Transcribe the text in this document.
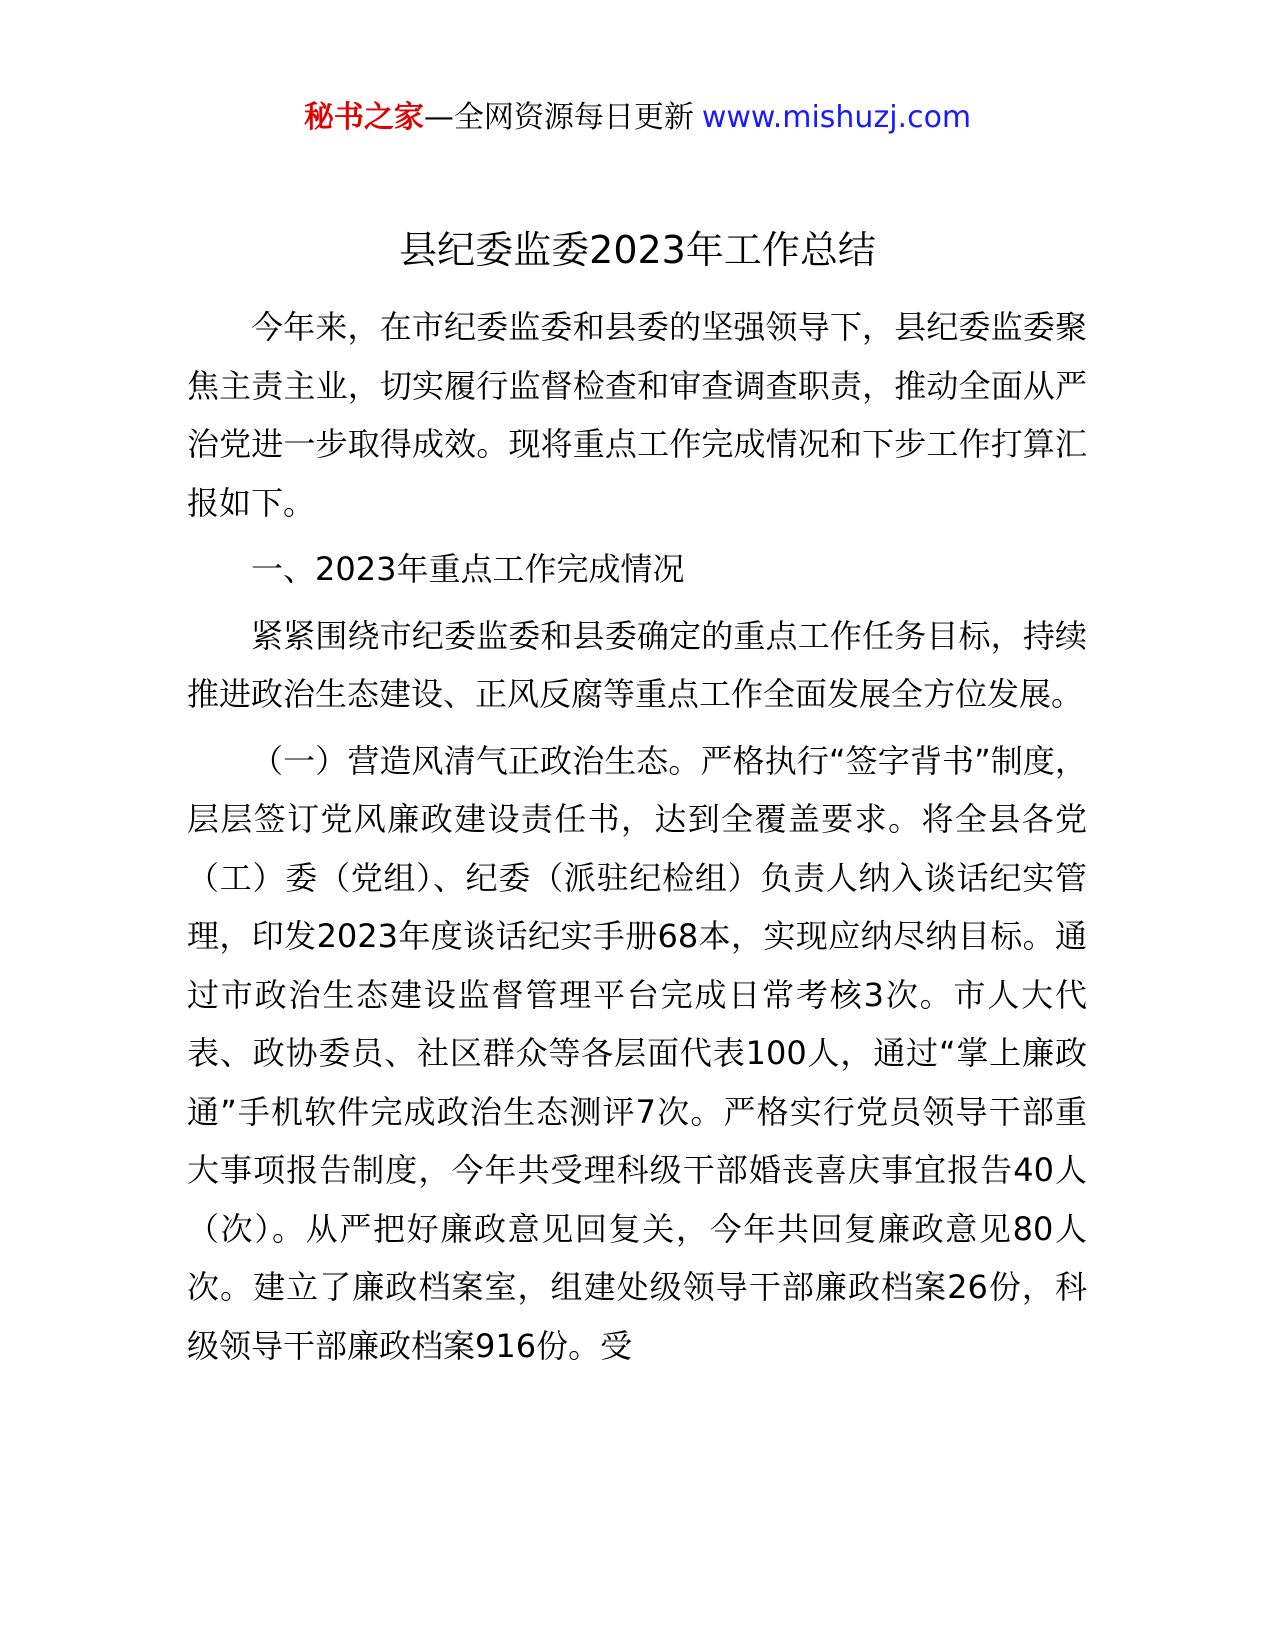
秘书之家—全网资源每日更新 www.mishuzj.com
县纪委监委2023年工作总结

今年来，在市纪委监委和县委的坚强领导下，县纪委监委聚焦主责主业，切实履行监督检查和审查调查职责，推动全面从严治党进一步取得成效。现将重点工作完成情况和下步工作打算汇报如下。

一、2023年重点工作完成情况

紧紧围绕市纪委监委和县委确定的重点工作任务目标，持续推进政治生态建设、正风反腐等重点工作全面发展全方位发展。

（一）营造风清气正政治生态。严格执行“签字背书”制度，层层签订党风廉政建设责任书，达到全覆盖要求。将全县各党（工）委（党组）、纪委（派驻纪检组）负责人纳入谈话纪实管理，印发2023年度谈话纪实手册68本，实现应纳尽纳目标。通过市政治生态建设监督管理平台完成日常考核3次。市人大代表、政协委员、社区群众等各层面代表100人，通过“掌上廉政通”手机软件完成政治生态测评7次。严格实行党员领导干部重大事项报告制度，今年共受理科级干部婚丧喜庆事宜报告40人（次）。从严把好廉政意见回复关，今年共回复廉政意见80人次。建立了廉政档案室，组建处级领导干部廉政档案26份，科级领导干部廉政档案916份。受
